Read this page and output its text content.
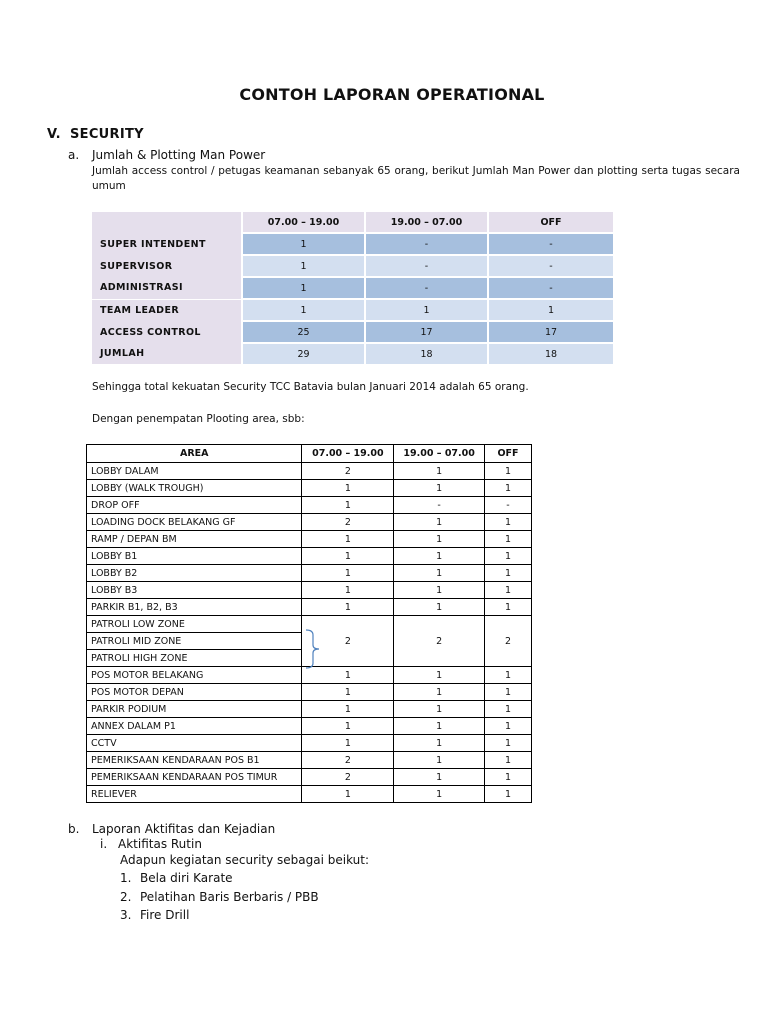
CONTOH LAPORAN OPERATIONAL
V. SECURITY
a. Jumlah & Plotting Man Power
Jumlah access control / petugas keamanan sebanyak 65 orang, berikut Jumlah Man Power dan plotting serta tugas secara umum
	07.00 – 19.00	19.00 – 07.00	OFF
SUPER INTENDENT	1	-	-
SUPERVISOR	1	-	-
ADMINISTRASI	1	-	-
TEAM LEADER	1	1	1
ACCESS CONTROL	25	17	17
JUMLAH	29	18	18
Sehingga total kekuatan Security TCC Batavia bulan Januari 2014 adalah 65 orang.
Dengan penempatan Plooting area, sbb:
AREA	07.00 – 19.00	19.00 – 07.00	OFF
LOBBY DALAM	2	1	1
LOBBY (WALK TROUGH)	1	1	1
DROP OFF	1	-	-
LOADING DOCK BELAKANG GF	2	1	1
RAMP / DEPAN BM	1	1	1
LOBBY B1	1	1	1
LOBBY B2	1	1	1
LOBBY B3	1	1	1
PARKIR B1, B2, B3	1	1	1
PATROLI LOW ZONE			
PATROLI MID ZONE	2	2	2
PATROLI HIGH ZONE			
POS MOTOR BELAKANG	1	1	1
POS MOTOR DEPAN	1	1	1
PARKIR PODIUM	1	1	1
ANNEX DALAM P1	1	1	1
CCTV	1	1	1
PEMERIKSAAN KENDARAAN POS B1	2	1	1
PEMERIKSAAN KENDARAAN POS TIMUR	2	1	1
RELIEVER	1	1	1
b. Laporan Aktifitas dan Kejadian
i. Aktifitas Rutin
Adapun kegiatan security sebagai beikut:
1. Bela diri Karate
2. Pelatihan Baris Berbaris / PBB
3. Fire Drill
